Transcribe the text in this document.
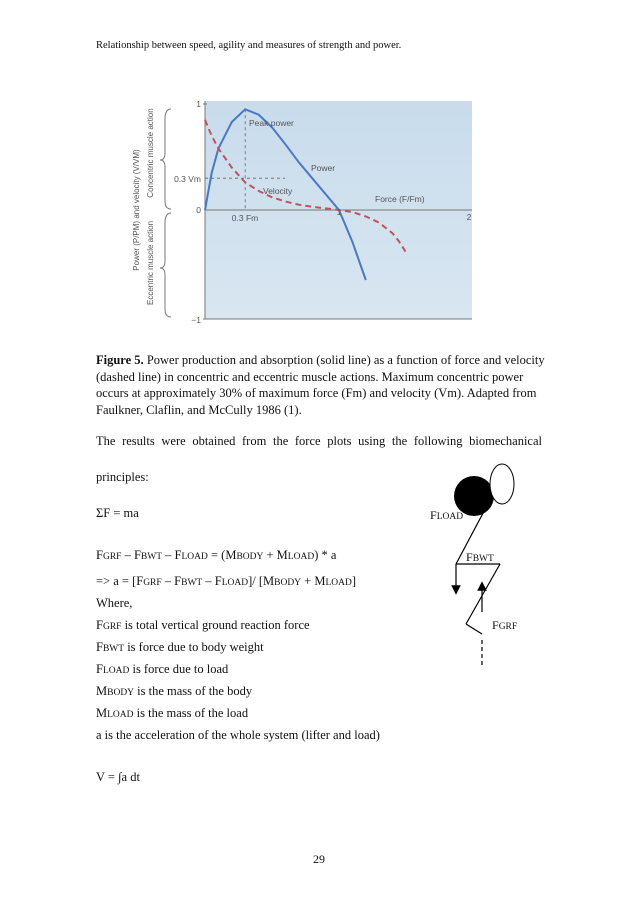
Relationship between speed, agility and measures of strength and power.
1
0
−1
0.3 Vm
0.3 Fm
1	2
Peak power
Power
Velocity
Force (F/Fm)
Power (P/PM) and velocity (V/VM) Concentric muscle action
Eccentric muscle action
Figure 5. Power production and absorption (solid line) as a function of force and velocity (dashed line) in concentric and eccentric muscle actions. Maximum concentric power occurs at approximately 30% of maximum force (Fm) and velocity (Vm). Adapted from Faulkner, Claflin, and McCully 1986 (1).
The results were obtained from the force plots using the following biomechanical
principles:
ΣF = ma
FGRF – FBWT – FLOAD = (MBODY + MLOAD) * a
=> a = [FGRF – FBWT – FLOAD]/ [MBODY + MLOAD]
Where,
FGRF is total vertical ground reaction force
FBWT is force due to body weight
FLOAD is force due to load
MBODY is the mass of the body
MLOAD is the mass of the load
a is the acceleration of the whole system (lifter and load)
V = ∫a dt
FLOAD
FBWT
FGRF
29
